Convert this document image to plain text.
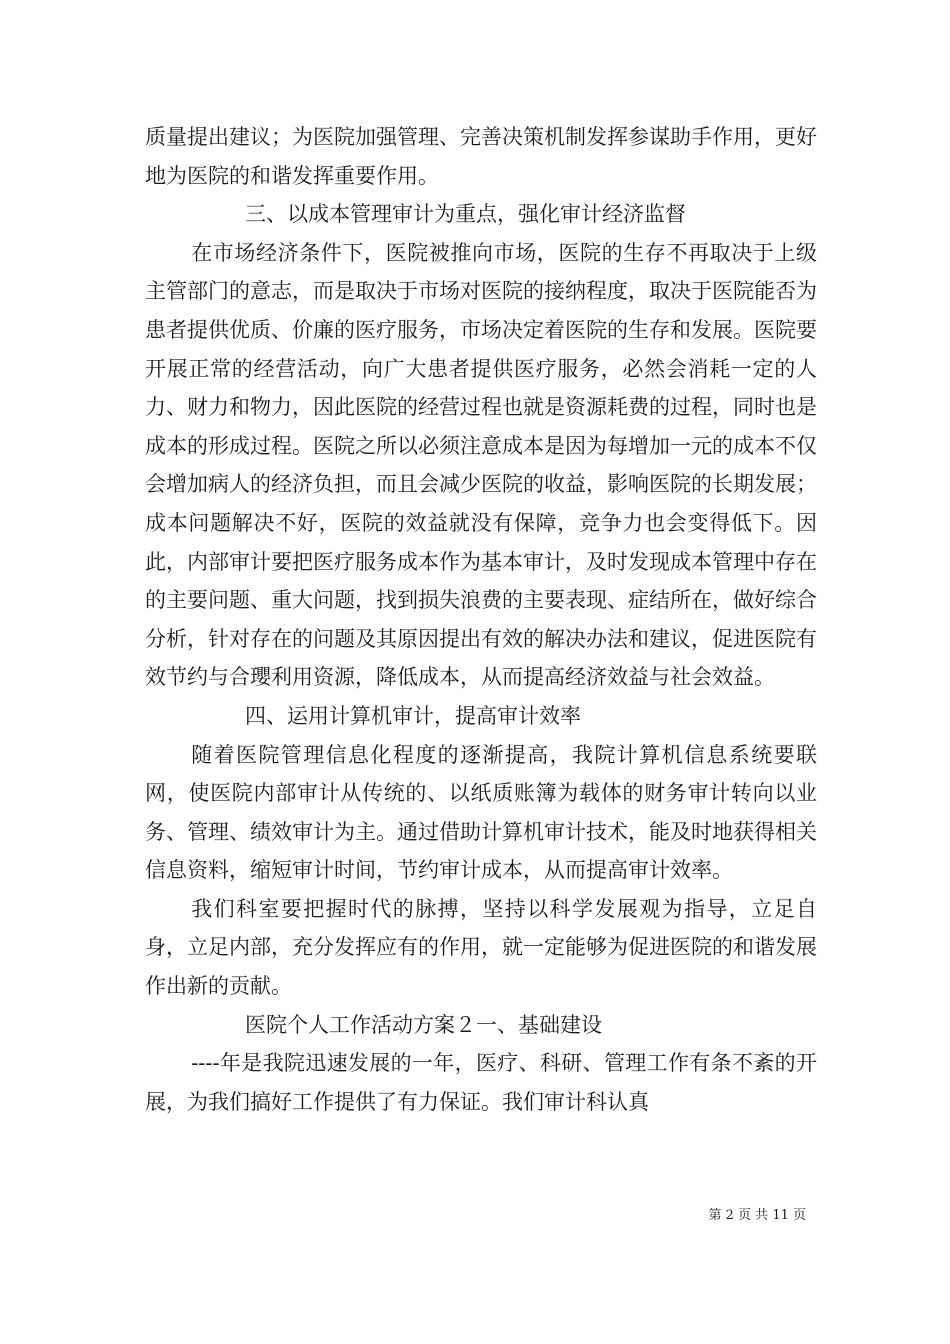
质量提出建议；为医院加强管理、完善决策机制发挥参谋助手作用，更好地为医院的和谐发挥重要作用。

三、以成本管理审计为重点，强化审计经济监督

在市场经济条件下，医院被推向市场，医院的生存不再取决于上级主管部门的意志，而是取决于市场对医院的接纳程度，取决于医院能否为患者提供优质、价廉的医疗服务，市场决定着医院的生存和发展。医院要开展正常的经营活动，向广大患者提供医疗服务，必然会消耗一定的人力、财力和物力，因此医院的经营过程也就是资源耗费的过程，同时也是成本的形成过程。医院之所以必须注意成本是因为每增加一元的成本不仅会增加病人的经济负担，而且会减少医院的收益，影响医院的长期发展；成本问题解决不好，医院的效益就没有保障，竞争力也会变得低下。因此，内部审计要把医疗服务成本作为基本审计，及时发现成本管理中存在的主要问题、重大问题，找到损失浪费的主要表现、症结所在，做好综合分析，针对存在的问题及其原因提出有效的解决办法和建议，促进医院有效节约与合瓔利用资源，降低成本，从而提高经济效益与社会效益。

四、运用计算机审计，提高审计效率

随着医院管理信息化程度的逐渐提高，我院计算机信息系统要联网，使医院内部审计从传统的、以纸质账簿为载体的财务审计转向以业务、管理、绩效审计为主。通过借助计算机审计技术，能及时地获得相关信息资料，缩短审计时间，节约审计成本，从而提高审计效率。

我们科室要把握时代的脉搏，坚持以科学发展观为指导，立足自身，立足内部，充分发挥应有的作用，就一定能够为促进医院的和谐发展作出新的贡献。

医院个人工作活动方案２一、基础建设

----年是我院迅速发展的一年，医疗、科研、管理工作有条不紊的开展，为我们搞好工作提供了有力保证。我们审计科认真

第 2 页 共 11 页
